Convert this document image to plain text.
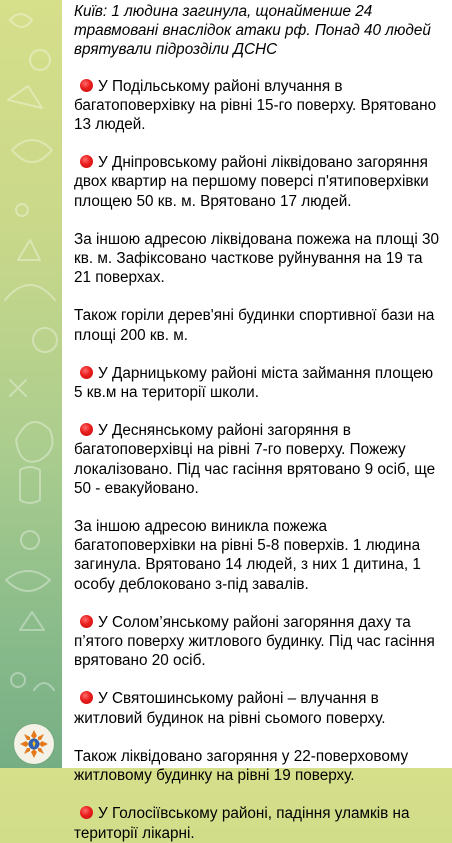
Київ: 1 людина загинула, щонайменше 24 травмовані внаслідок атаки рф. Понад 40 людей врятували підрозділи ДСНС

У Подільському районі влучання в багатоповерхівку на рівні 15-го поверху. Врятовано 13 людей.

У Дніпровському районі ліквідовано загоряння двох квартир на першому поверсі п'ятиповерхівки площею 50 кв. м. Врятовано 17 людей.

За іншою адресою ліквідована пожежа на площі 30 кв. м. Зафіксовано часткове руйнування на 19 та 21 поверхах.

Також горіли дерев'яні будинки спортивної бази на площі 200 кв. м.

У Дарницькому районі міста займання площею 5 кв.м на території школи.

У Деснянському районі загоряння в багатоповерхівці на рівні 7-го поверху. Пожежу локалізовано. Під час гасіння врятовано 9 осіб, ще 50 - евакуйовано.

За іншою адресою виникла пожежа багатоповерхівки на рівні 5-8 поверхів. 1 людина загинула. Врятовано 14 людей, з них 1 дитина, 1 особу деблоковано з-під завалів.

У Солом’янському районі загоряння даху та п’ятого поверху житлового будинку. Під час гасіння врятовано 20 осіб.

У Святошинському районі – влучання в житловий будинок на рівні сьомого поверху.

Також ліквідовано загоряння у 22-поверховому житловому будинку на рівні 19 поверху.

У Голосіївському районі, падіння уламків на території лікарні.
